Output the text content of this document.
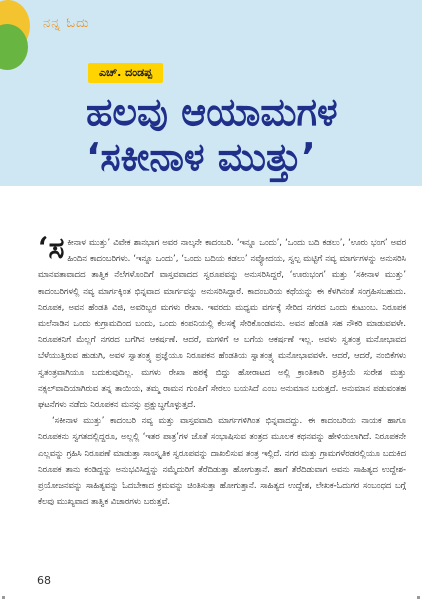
ನನ್ನ ಓದು
ಎಚ್. ದಂಡಪ್ಪ
ಹಲವು ಆಯಾಮಗಳ
‘ಸಕೀನಾಳ ಮುತ್ತು’

‘ಸಕೀನಾಳ ಮುತ್ತು’ ವಿವೇಕ ಶಾನಭಾಗ ಅವರ ನಾಲ್ಕನೇ ಕಾದಂಬರಿ. ‘ಇನ್ನೂ ಒಂದು’, ‘ಒಂದು ಬದಿ ಕಡಲು’, ‘ಊರು ಭಂಗ’ ಅವರ ಹಿಂದಿನ ಕಾದಂಬರಿಗಳು. ‘ಇನ್ನೂ ಒಂದು’, ‘ಒಂದು ಬದಿಯ ಕಡಲು’ ನವ್ಯೋದಯ, ಸ್ವಲ್ಪ ಮಟ್ಟಿಗೆ ನವ್ಯ ಮಾರ್ಗಗಳನ್ನು ಅನುಸರಿಸಿ ಮಾನವತಾವಾದದ ತಾತ್ವಿಕ ನೆಲೆಗಳೊಂದಿಗೆ ವಾಸ್ತವವಾದದ ಸ್ವರೂಪವನ್ನು ಅನುಸರಿಸಿದ್ದರೆ, ‘ಊರುಭಂಗ’ ಮತ್ತು ‘ಸಕೀನಾಳ ಮುತ್ತು’ ಕಾದಂಬರಿಗಳಲ್ಲಿ ನವ್ಯ ಮಾರ್ಗಕ್ಕಿಂತ ಭಿನ್ನವಾದ ಮಾರ್ಗವನ್ನು ಅನುಸರಿಸಿದ್ದಾರೆ. ಕಾದಂಬರಿಯ ಕಥೆಯನ್ನು ಈ ಕೆಳಗಿನಂತೆ ಸಂಗ್ರಹಿಸಬಹುದು. ನಿರೂಪಕ, ಅವನ ಹೆಂಡತಿ ವಿಜಿ, ಅವರಿಬ್ಬರ ಮಗಳು ರೇಖಾ. ಇವರದು ಮಧ್ಯಮ ವರ್ಗಕ್ಕೆ ಸೇರಿದ ನಗರದ ಒಂದು ಕುಟುಂಬ. ನಿರೂಪಕ ಮಲೆನಾಡಿನ ಒಂದು ಕುಗ್ರಾಮದಿಂದ ಬಂದು, ಒಂದು ಕಂಪನಿಯಲ್ಲಿ ಕೆಲಸಕ್ಕೆ ಸೇರಿಕೊಂಡವನು. ಅವನ ಹೆಂಡತಿ ಸಹ ನೌಕರಿ ಮಾಡುವವಳೇ. ನಿರೂಪಕನಿಗೆ ಮೆಲ್ಲಗೆ ನಗರದ ಬಗೆಗಿನ ಆಕರ್ಷಣೆ. ಆದರೆ, ಮಗಳಿಗೆ ಆ ಬಗೆಯ ಆಕರ್ಷಣೆ ಇಲ್ಲ. ಅವಳು ಸ್ವತಂತ್ರ ಮನೋಭಾವದ ಬೆಳೆಯುತ್ತಿರುವ ಹುಡುಗಿ, ಅವಳ ಸ್ವಾತಂತ್ರ್ಯ ಪ್ರಜ್ಞೆಯೂ ನಿರೂಪಕನ ಹೆಂಡತಿಯ ಸ್ವಾತಂತ್ರ್ಯ ಮನೋಭಾವವಳೇ. ಆದರೆ, ಆದರೆ, ನಂಬಿಕೆಗಳು ಸ್ವತಂತ್ರವಾಗಿಯೂ ಬದುಕುವುದಿಲ್ಲ. ಮಗಳು ರೇಖಾ ಹಠಕ್ಕೆ ಬಿದ್ದು ಹೋರಾಟದ ಅಲ್ಲಿ ಕ್ರಾಂತಿಕಾರಿ ಪ್ರತಿಕ್ರಿಯೆ ಸುರೇಶ ಮತ್ತು ನಕ್ಸಲ್‌ವಾದಿಯಾಗಿರುವ ತನ್ನ ತಾಯಿಯ, ತಮ್ಮ ರಾಮನ ಗುಂಪಿಗೆ ಸೇರಲು ಬಯಸಿದೆ ಎಂಬ ಅನುಮಾನ ಬರುತ್ತದೆ. ಅನುಮಾನ ಪಡುವಂತಹ ಘಟನೆಗಳು ನಡೆದು ನಿರೂಪಕನ ಮನಸ್ಸು ಪ್ರಕ್ಷುಬ್ಧಗೊಳ್ಳುತ್ತದೆ.

‘ಸಕೀನಾಳ ಮುತ್ತು’ ಕಾದಂಬರಿ ನವ್ಯ ಮತ್ತು ವಾಸ್ತವವಾದಿ ಮಾರ್ಗಗಳಿಗಿಂತ ಭಿನ್ನವಾದದ್ದು. ಈ ಕಾದಂಬರಿಯ ನಾಯಕ ಹಾಗೂ ನಿರೂಪಕನು ಸ್ವಗತದಲ್ಲಿದ್ದರೂ, ಅಲ್ಲಲ್ಲಿ ‘ಇತರ ಪಾತ್ರ’ಗಳ ಜೊತೆ ಸಂಭಾಷಿಸುವ ತಂತ್ರದ ಮೂಲಕ ಕಥನವನ್ನು ಹೇಳಿಯಲಾಗಿದೆ. ನಿರೂಪಕನೇ ಎಲ್ಲವನ್ನು ಗ್ರಹಿಸಿ ನಿರೂಪಣೆ ಮಾಡುತ್ತಾ ಸಾಂಸ್ಕೃತಿಕ ಸ್ವರೂಪವನ್ನು ದಾಖಲಿಸುವ ತಂತ್ರ ಇಲ್ಲಿದೆ. ನಗರ ಮತ್ತು ಗ್ರಾಮಗಳೆರಡರಲ್ಲಿಯೂ ಬದುಕಿದ ನಿರೂಪಕ ತಾನು ಕಂಡಿದ್ದನ್ನು ಅನುಭವಿಸಿದ್ದನ್ನು ನಮ್ಮೆದುರಿಗೆ ತೆರೆದಿಡುತ್ತಾ ಹೋಗುತ್ತಾನೆ. ಹಾಗೆ ತೆರೆದಿಡುವಾಗ ಅವನು ಸಾಹಿತ್ಯದ ಉದ್ದೇಶ-ಪ್ರಯೋಜನವನ್ನು ಸಾಹಿತ್ಯವನ್ನು ಓದಬೇಕಾದ ಕ್ರಮವನ್ನು ಚಿಂತಿಸುತ್ತಾ ಹೋಗುತ್ತಾನೆ. ಸಾಹಿತ್ಯದ ಉದ್ದೇಶ, ಲೇಖಕ-ಓದುಗರ ಸಂಬಂಧದ ಬಗ್ಗೆ ಕೆಲವು ಮುಖ್ಯವಾದ ತಾತ್ವಿಕ ವಿಚಾರಗಳು ಬರುತ್ತವೆ.

68
